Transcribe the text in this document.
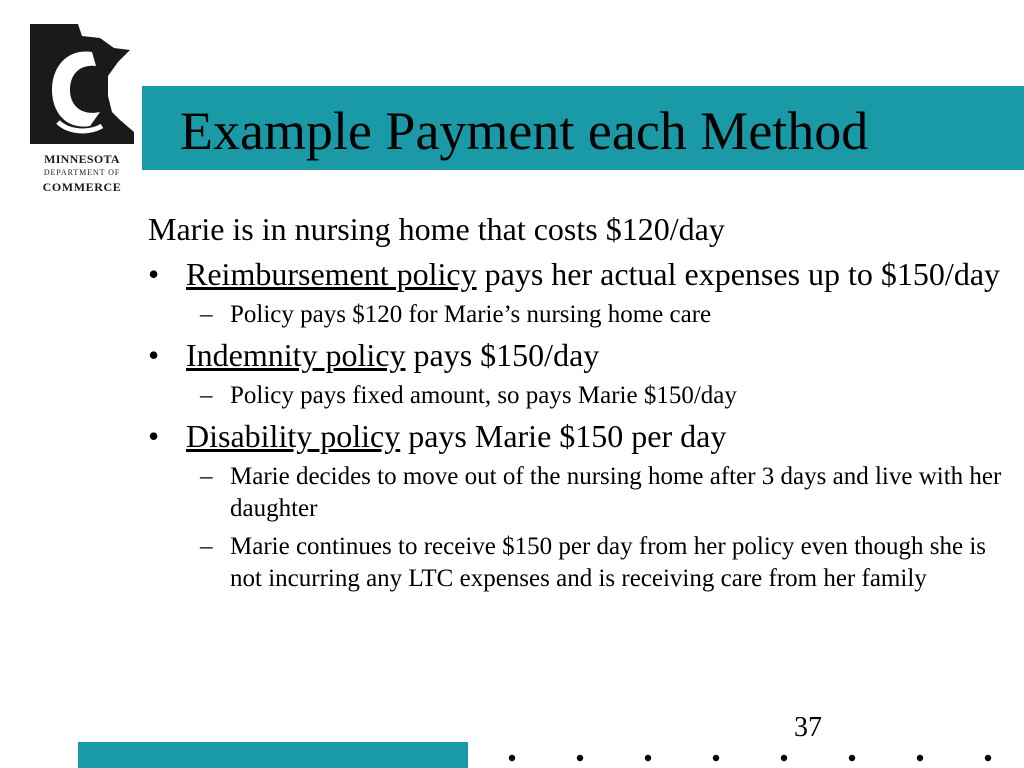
MINNESOTA
DEPARTMENT OF
COMMERCE
Example Payment each Method

Marie is in nursing home that costs $120/day

• Reimbursement policy pays her actual expenses up to $150/day

– Policy pays $120 for Marie’s nursing home care

• Indemnity policy pays $150/day

– Policy pays fixed amount, so pays Marie $150/day

• Disability policy pays Marie $150 per day

– Marie decides to move out of the nursing home after 3 days and live with her daughter

– Marie continues to receive $150 per day from her policy even though she is not incurring any LTC expenses and is receiving care from her family

37
